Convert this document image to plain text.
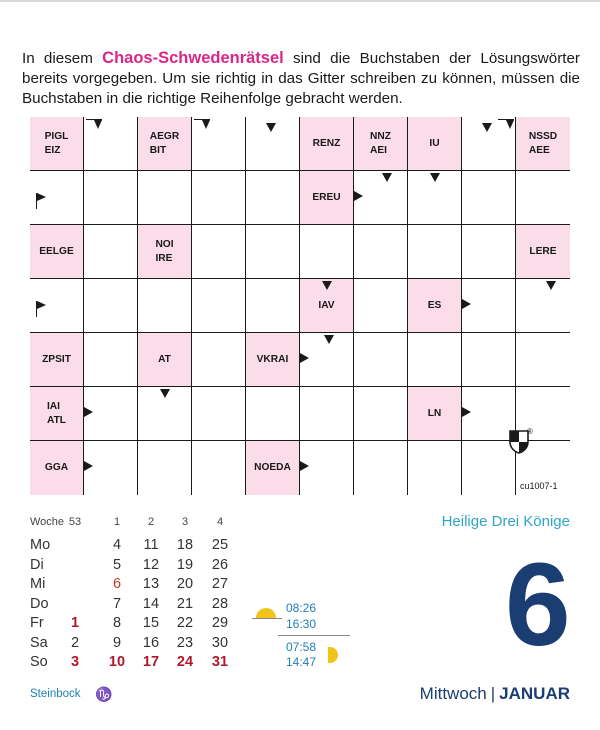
In diesem Chaos-Schwedenrätsel sind die Buchstaben der Lösungswörter bereits vorgegeben. Um sie richtig in das Gitter schreiben zu können, müssen die Buchstaben in die richtige Reihenfolge gebracht werden.

PIGL
EIZ
AEGR
BIT
RENZ
NNZ
AEI
IU
NSSD
AEE
EREU
EELGE
NOI
IRE
LERE
IAV	ES
ZPSIT	AT	VKRAI
IAI
ATL
LN
GGA	NOEDA
®
cu1007-1
Woche 53	1	2	3	4
Mo	4	11	18	25
Di	5	12	19	26
Mi	6	13	20	27
Do	7	14	21	28
Fr	1	8	15	22	29
Sa	2	9	16	23	30
So	3	10	17	24	31
08:26
16:30
07:58
14:47
Heilige Drei Könige
6
Steinbock ♑	Mittwoch | JANUAR
